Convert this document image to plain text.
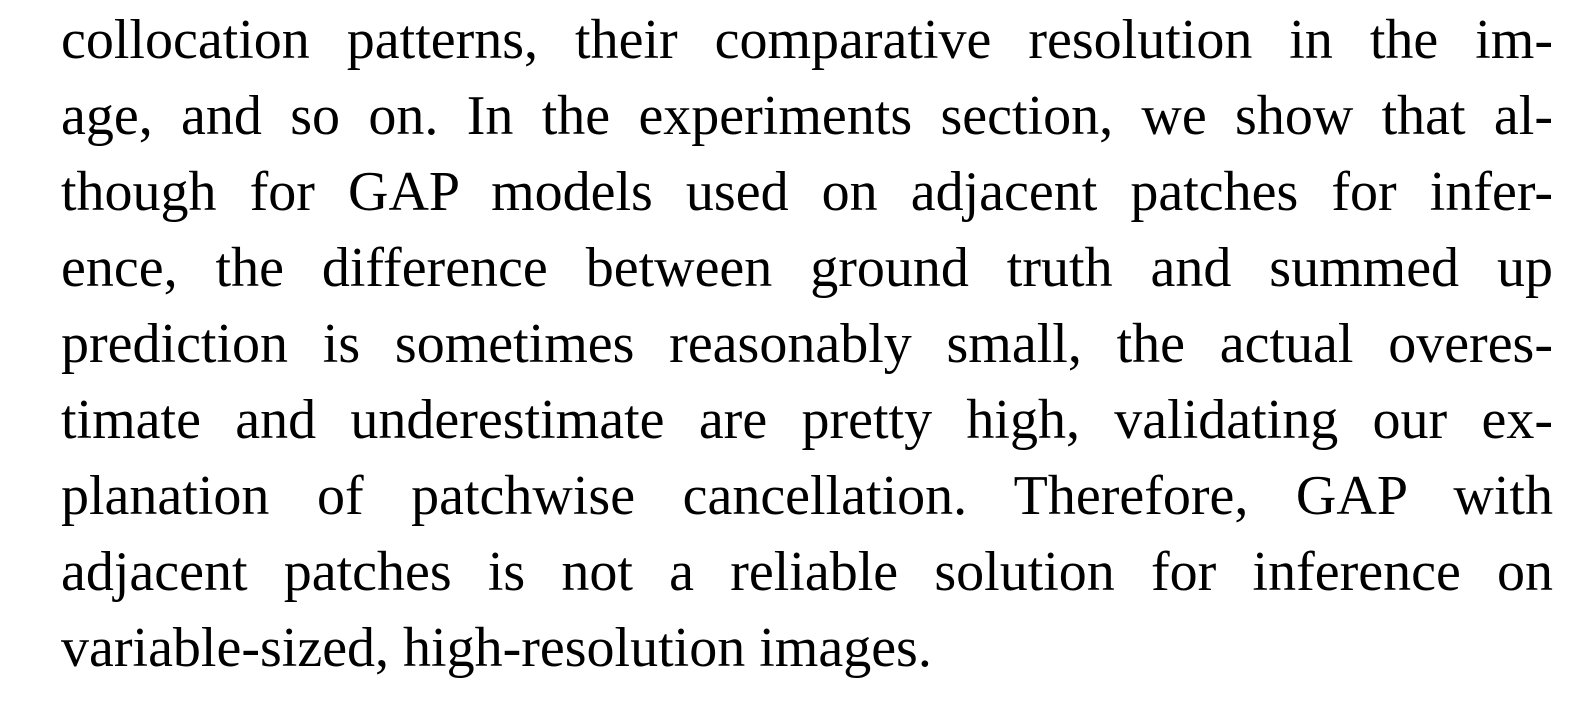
collocation patterns, their comparative resolution in the im-
age, and so on. In the experiments section, we show that al-
though for GAP models used on adjacent patches for infer-
ence, the difference between ground truth and summed up
prediction is sometimes reasonably small, the actual overes-
timate and underestimate are pretty high, validating our ex-
planation of patchwise cancellation. Therefore, GAP with
adjacent patches is not a reliable solution for inference on
variable-sized, high-resolution images.
